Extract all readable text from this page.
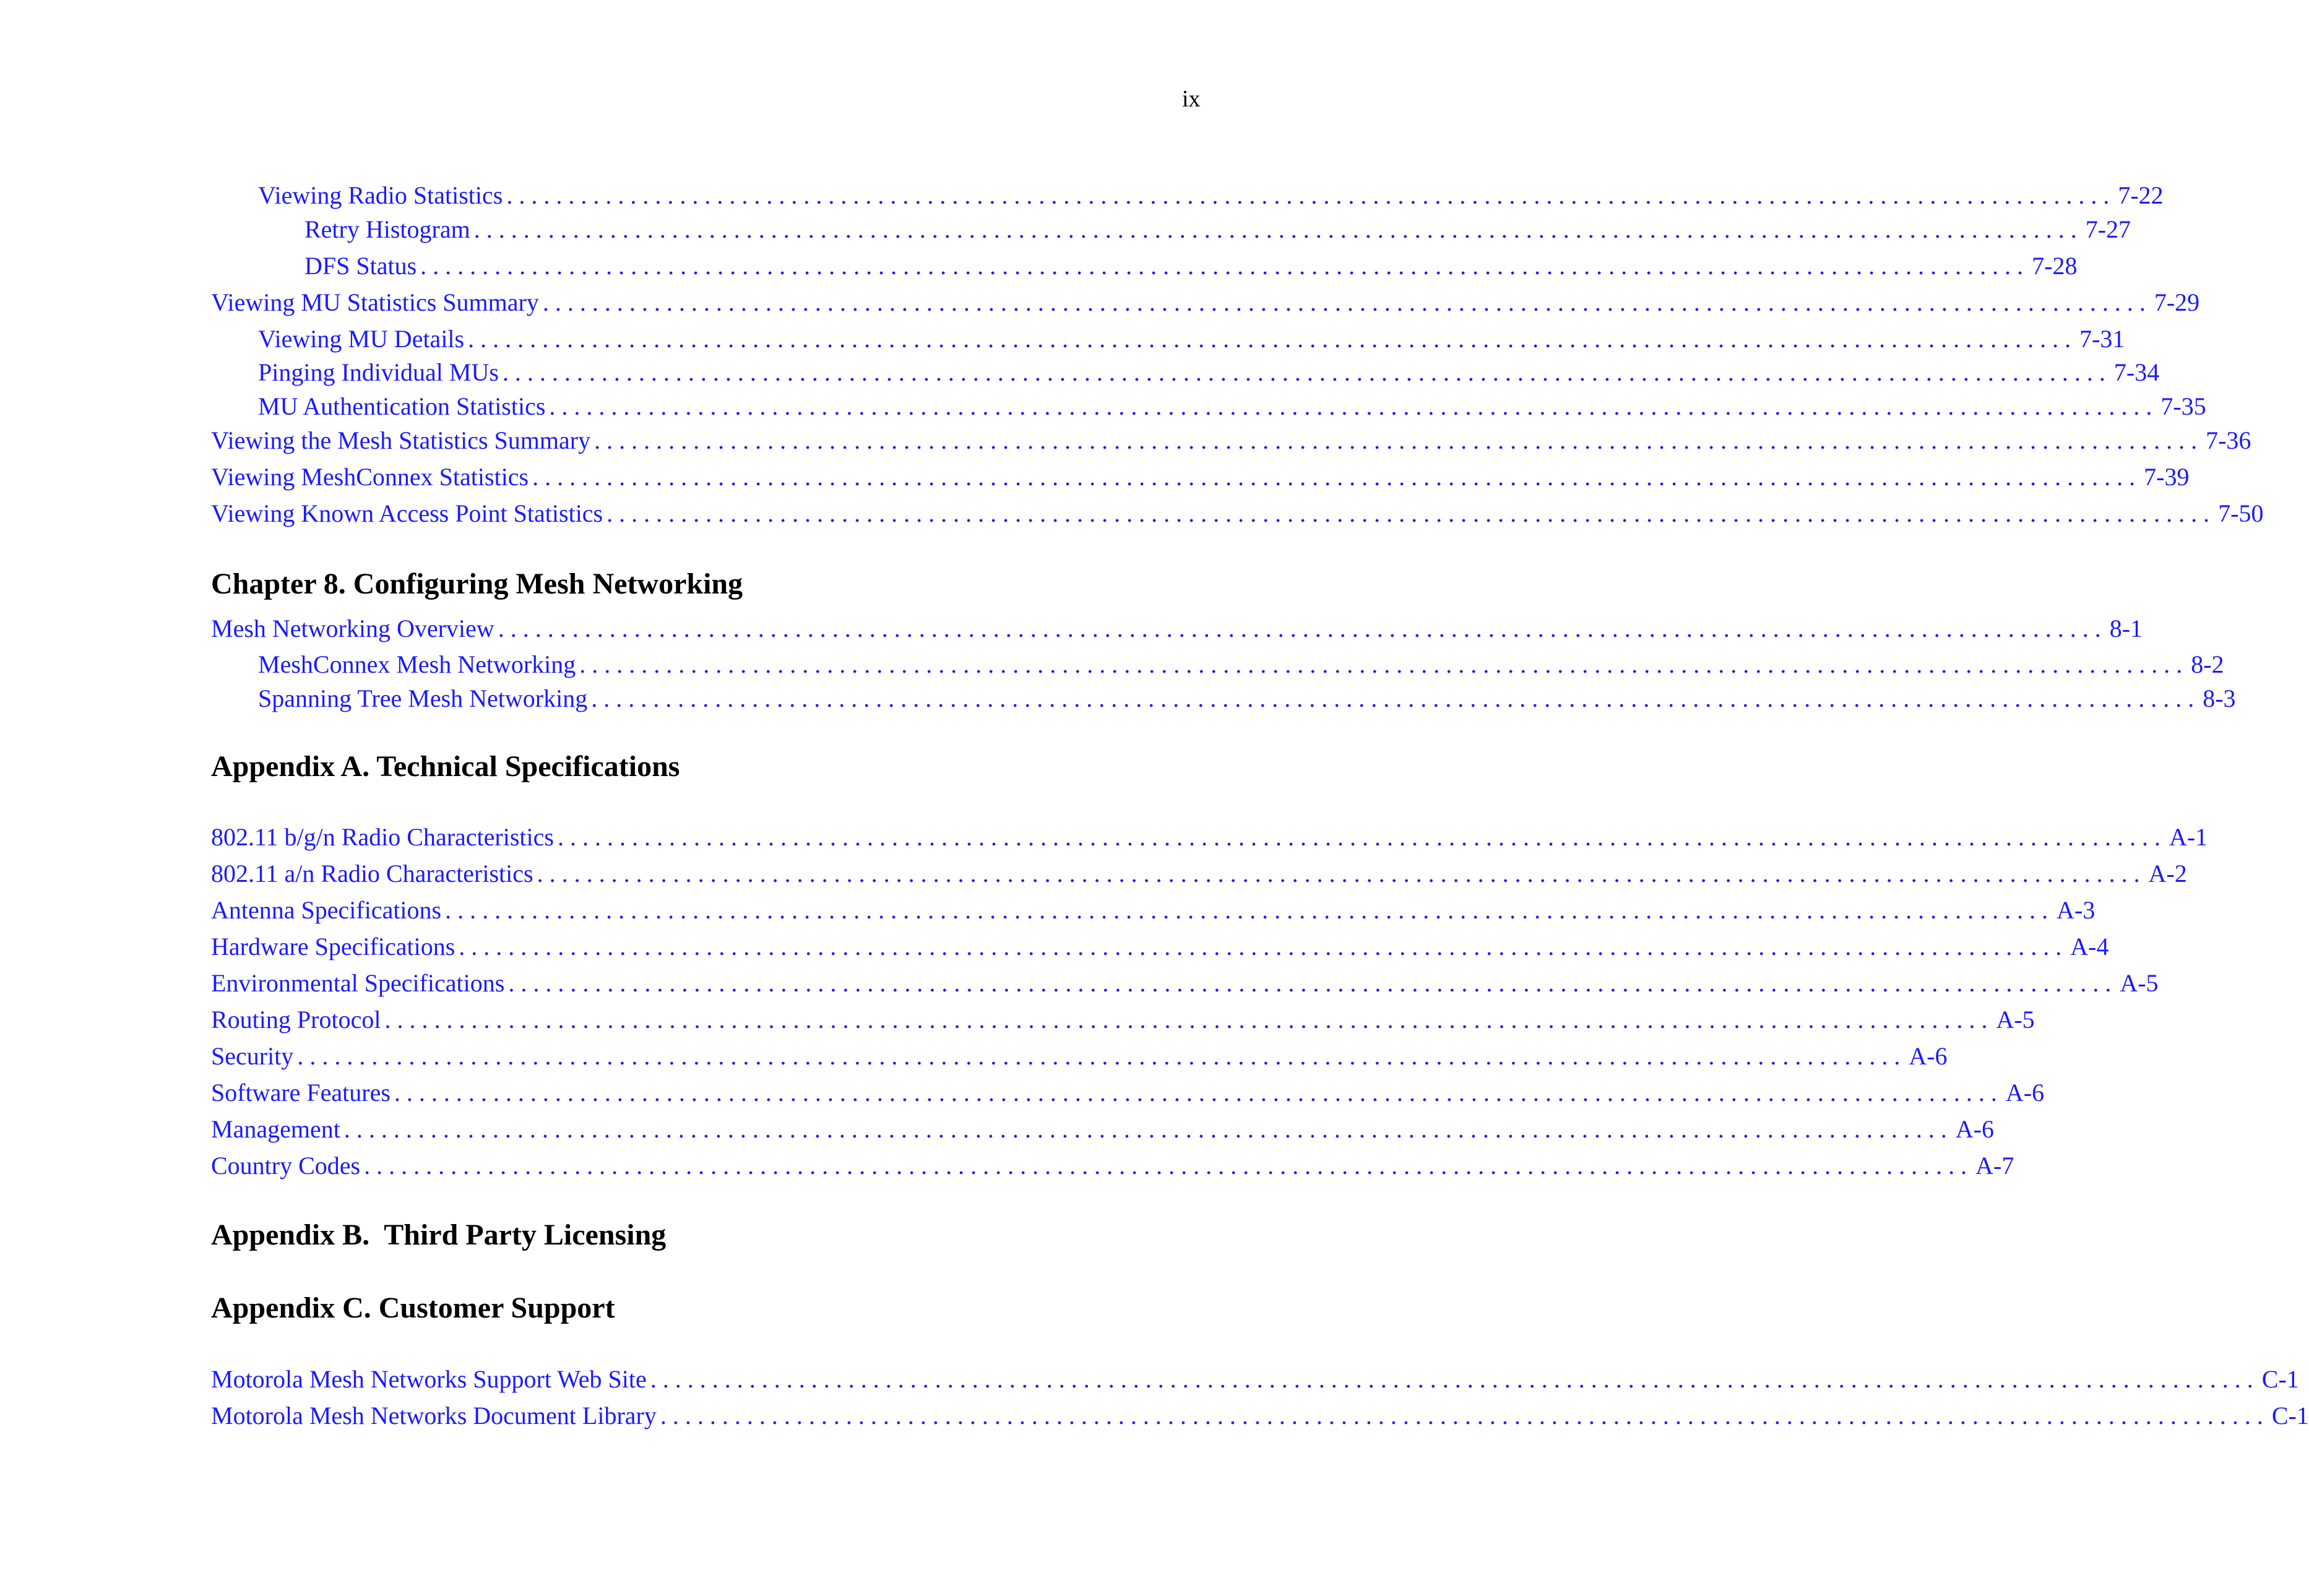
ix
Viewing Radio Statistics .................................................................................................................................. 7-22
Retry Histogram .................................................................................................................................. 7-27
DFS Status .................................................................................................................................. 7-28
Viewing MU Statistics Summary .................................................................................................................................. 7-29
Viewing MU Details .................................................................................................................................. 7-31
Pinging Individual MUs .................................................................................................................................. 7-34
MU Authentication Statistics .................................................................................................................................. 7-35
Viewing the Mesh Statistics Summary .................................................................................................................................. 7-36
Viewing MeshConnex Statistics .................................................................................................................................. 7-39
Viewing Known Access Point Statistics .................................................................................................................................. 7-50
Chapter 8. Configuring Mesh Networking
Mesh Networking Overview .................................................................................................................................. 8-1
MeshConnex Mesh Networking .................................................................................................................................. 8-2
Spanning Tree Mesh Networking .................................................................................................................................. 8-3
Appendix A. Technical Specifications
802.11 b/g/n Radio Characteristics .................................................................................................................................. A-1
802.11 a/n Radio Characteristics .................................................................................................................................. A-2
Antenna Specifications .................................................................................................................................. A-3
Hardware Specifications .................................................................................................................................. A-4
Environmental Specifications .................................................................................................................................. A-5
Routing Protocol .................................................................................................................................. A-5
Security .................................................................................................................................. A-6
Software Features .................................................................................................................................. A-6
Management .................................................................................................................................. A-6
Country Codes .................................................................................................................................. A-7
Appendix B.  Third Party Licensing
Appendix C. Customer Support
Motorola Mesh Networks Support Web Site .................................................................................................................................. C-1
Motorola Mesh Networks Document Library .................................................................................................................................. C-1
